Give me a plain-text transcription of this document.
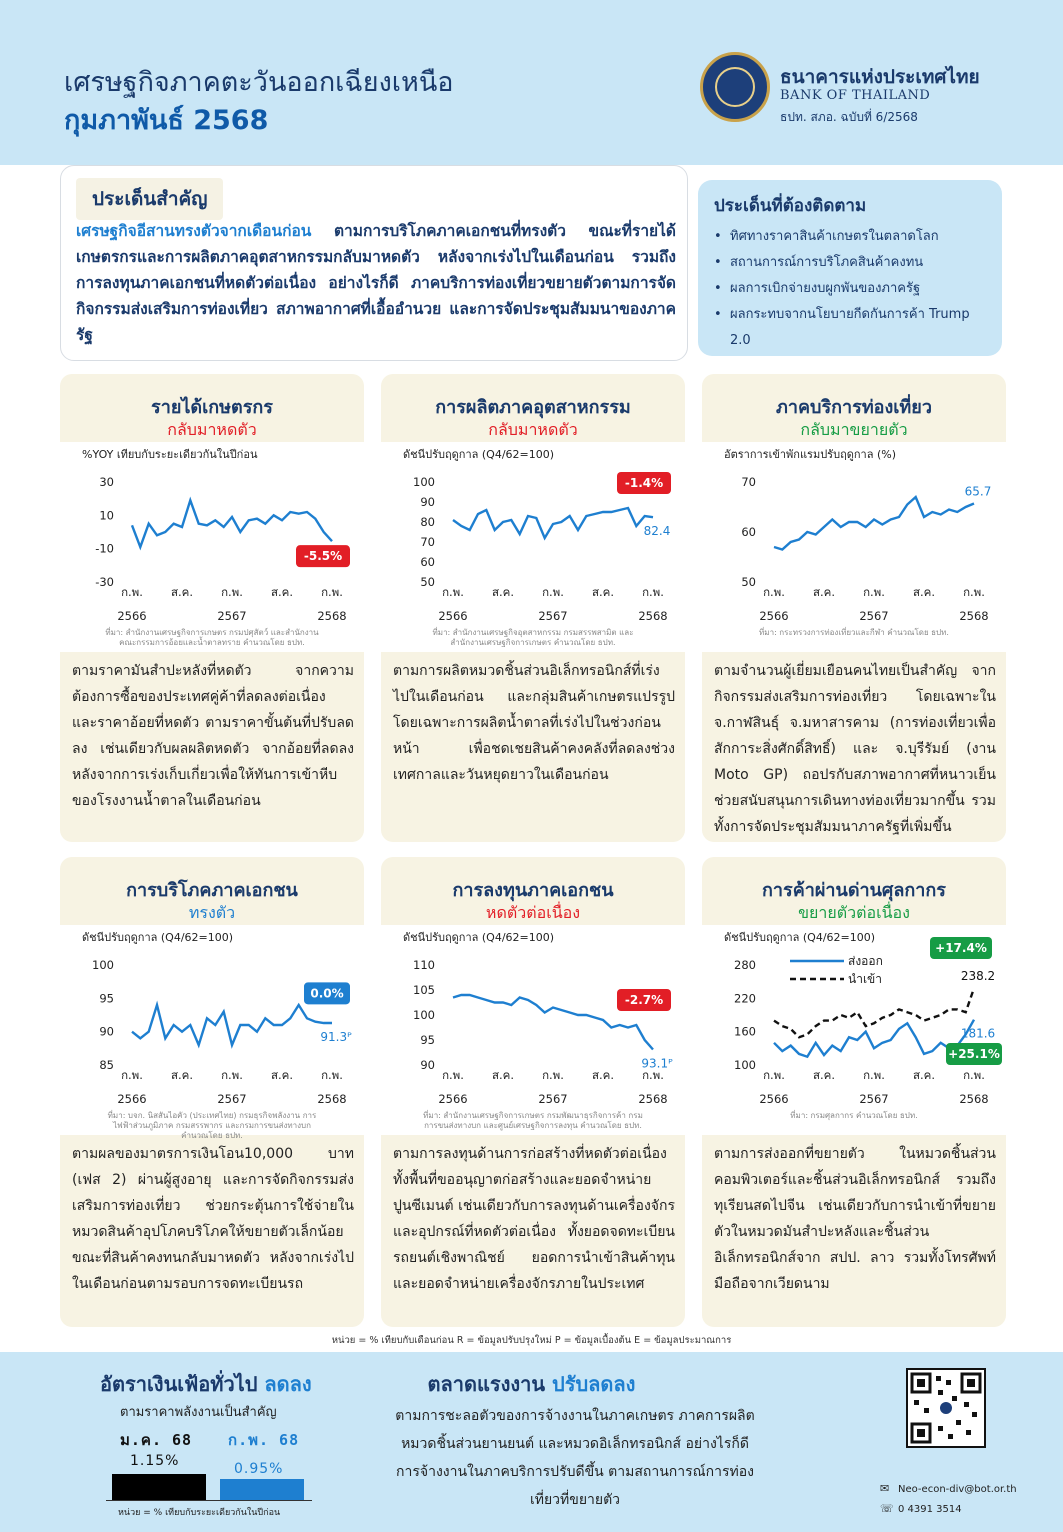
เศรษฐกิจภาคตะวันออกเฉียงเหนือ
กุมภาพันธ์ 2568
ธนาคารแห่งประเทศไทย
BANK OF THAILAND
ธปท. สภอ. ฉบับที่ 6/2568
ประเด็นสำคัญ
เศรษฐกิจอีสานทรงตัวจากเดือนก่อน ตามการบริโภคภาคเอกชนที่ทรงตัว ขณะที่รายได้เกษตรกรและการผลิตภาคอุตสาหกรรมกลับมาหดตัว หลังจากเร่งไปในเดือนก่อน รวมถึงการลงทุนภาคเอกชนที่หดตัวต่อเนื่อง อย่างไรก็ดี ภาคบริการท่องเที่ยวขยายตัวตามการจัดกิจกรรมส่งเสริมการท่องเที่ยว สภาพอากาศที่เอื้ออำนวย และการจัดประชุมสัมมนาของภาครัฐ
ประเด็นที่ต้องติดตาม
• ทิศทางราคาสินค้าเกษตรในตลาดโลก
• สถานการณ์การบริโภคสินค้าคงทน
• ผลการเบิกจ่ายงบผูกพันของภาครัฐ
• ผลกระทบจากนโยบายกีดกันการค้า Trump 2.0
รายได้เกษตรกร
กลับมาหดตัว
%YOY เทียบกับระยะเดียวกันในปีก่อน
30
10
-10
-30
ก.พ. ส.ค. ก.พ. ส.ค. ก.พ.
2566	2567	2568
-5.5%
ที่มา: สำนักงานเศรษฐกิจการเกษตร กรมปศุสัตว์ และสำนักงานคณะกรรมการอ้อยและน้ำตาลทราย คำนวณโดย ธปท.
ตามราคามันสำปะหลังที่หดตัว จากความต้องการซื้อของประเทศคู่ค้าที่ลดลงต่อเนื่อง และราคาอ้อยที่หดตัว ตามราคาขั้นต้นที่ปรับลดลง เช่นเดียวกับผลผลิตหดตัว จากอ้อยที่ลดลง หลังจากการเร่งเก็บเกี่ยวเพื่อให้ทันการเข้าหีบของโรงงานน้ำตาลในเดือนก่อน
การผลิตภาคอุตสาหกรรม
กลับมาหดตัว
ดัชนีปรับฤดูกาล (Q4/62=100)
100
90
80
70
60
50
ก.พ. ส.ค. ก.พ. ส.ค. ก.พ.
2566	2567	2568
-1.4%
82.4
ที่มา: สำนักงานเศรษฐกิจอุตสาหกรรม กรมสรรพสามิต และสำนักงานเศรษฐกิจการเกษตร คำนวณโดย ธปท.
ตามการผลิตหมวดชิ้นส่วนอิเล็กทรอนิกส์ที่เร่งไปในเดือนก่อน และกลุ่มสินค้าเกษตรแปรรูปโดยเฉพาะการผลิตน้ำตาลที่เร่งไปในช่วงก่อนหน้า เพื่อชดเชยสินค้าคงคลังที่ลดลงช่วงเทศกาลและวันหยุดยาวในเดือนก่อน
ภาคบริการท่องเที่ยว
กลับมาขยายตัว
อัตราการเข้าพักแรมปรับฤดูกาล (%)
70
60
50
ก.พ. ส.ค. ก.พ. ส.ค. ก.พ.
2566	2567	2568
65.7
ที่มา: กระทรวงการท่องเที่ยวและกีฬา คำนวณโดย ธปท.
ตามจำนวนผู้เยี่ยมเยือนคนไทยเป็นสำคัญ จากกิจกรรมส่งเสริมการท่องเที่ยว โดยเฉพาะใน จ.กาฬสินธุ์ จ.มหาสารคาม (การท่องเที่ยวเพื่อสักการะสิ่งศักดิ์สิทธิ์) และ จ.บุรีรัมย์ (งาน Moto GP) ถอปรกับสภาพอากาศที่หนาวเย็นช่วยสนับสนุนการเดินทางท่องเที่ยวมากขึ้น รวมทั้งการจัดประชุมสัมมนาภาครัฐที่เพิ่มขึ้น
การบริโภคภาคเอกชน
ทรงตัว
ดัชนีปรับฤดูกาล (Q4/62=100)
100
95
90
85
ก.พ. ส.ค. ก.พ. ส.ค. ก.พ.
2566	2567	2568
0.0%
91.3ᴾ
ที่มา: บจก. นิสสันไอคัว (ประเทศไทย) กรมธุรกิจพลังงาน การไฟฟ้าส่วนภูมิภาค กรมสรรพากร และกรมการขนส่งทางบก คำนวณโดย ธปท.
ตามผลของมาตรการเงินโอน10,000 บาท (เฟส 2) ผ่านผู้สูงอายุ และการจัดกิจกรรมส่งเสริมการท่องเที่ยว ช่วยกระตุ้นการใช้จ่ายในหมวดสินค้าอุปโภคบริโภคให้ขยายตัวเล็กน้อย ขณะที่สินค้าคงทนกลับมาหดตัว หลังจากเร่งไปในเดือนก่อนตามรอบการจดทะเบียนรถ
การลงทุนภาคเอกชน
หดตัวต่อเนื่อง
ดัชนีปรับฤดูกาล (Q4/62=100)
110
105
100
95
90
ก.พ. ส.ค. ก.พ. ส.ค. ก.พ.
2566	2567	2568
-2.7%
93.1ᴾ
ที่มา: สำนักงานเศรษฐกิจการเกษตร กรมพัฒนาธุรกิจการค้า กรมการขนส่งทางบก และศูนย์เศรษฐกิจการลงทุน คำนวณโดย ธปท.
ตามการลงทุนด้านการก่อสร้างที่หดตัวต่อเนื่อง ทั้งพื้นที่ขออนุญาตก่อสร้างและยอดจำหน่ายปูนซีเมนต์ เช่นเดียวกับการลงทุนด้านเครื่องจักรและอุปกรณ์ที่หดตัวต่อเนื่อง ทั้งยอดจดทะเบียนรถยนต์เชิงพาณิชย์ ยอดการนำเข้าสินค้าทุนและยอดจำหน่ายเครื่องจักรภายในประเทศ
การค้าผ่านด่านศุลกากร
ขยายตัวต่อเนื่อง
ดัชนีปรับฤดูกาล (Q4/62=100)
280
220
160
100
ก.พ. ส.ค. ก.พ. ส.ค. ก.พ.
2566	2567	2568
+17.4%
181.6
238.2
+25.1%
ส่งออก
นำเข้า
ที่มา: กรมศุลกากร คำนวณโดย ธปท.
ตามการส่งออกที่ขยายตัว ในหมวดชิ้นส่วนคอมพิวเตอร์และชิ้นส่วนอิเล็กทรอนิกส์ รวมถึงทุเรียนสดไปจีน เช่นเดียวกับการนำเข้าที่ขยายตัวในหมวดมันสำปะหลังและชิ้นส่วนอิเล็กทรอนิกส์จาก สปป. ลาว รวมทั้งโทรศัพท์มือถือจากเวียดนาม
หน่วย = % เทียบกับเดือนก่อน R = ข้อมูลปรับปรุงใหม่ P = ข้อมูลเบื้องต้น E = ข้อมูลประมาณการ
อัตราเงินเฟ้อทั่วไป ลดลง
ตามราคาพลังงานเป็นสำคัญ
ม.ค. 68 ก.พ. 68
1.15%	0.95%
หน่วย = % เทียบกับระยะเดียวกันในปีก่อน
ตลาดแรงงาน ปรับลดลง
ตามการชะลอตัวของการจ้างงานในภาคเกษตร ภาคการผลิตหมวดชิ้นส่วนยานยนต์ และหมวดอิเล็กทรอนิกส์ อย่างไรก็ดี การจ้างงานในภาคบริการปรับดีขึ้น ตามสถานการณ์การท่องเที่ยวที่ขยายตัว
✉ Neo-econ-div@bot.or.th
☏ 0 4391 3514
